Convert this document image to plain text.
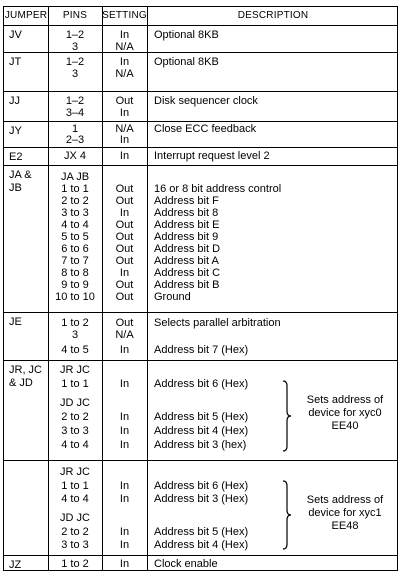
JUMPER	PINS	SETTING	DESCRIPTION
JV	1–2	In	Optional 8KB
3	N/A
JT	1–2	In	Optional 8KB
3	N/A
JJ	1–2	Out	Disk sequencer clock
3–4	In
JY	1	N/A	Close ECC feedback
2–3	In
E2	JX 4	In	Interrupt request level 2
JA &
JB
JA JB
1 to 1	Out	16 or 8 bit address control
2 to 2	Out	Address bit F
3 to 3	In	Address bit 8
4 to 4	Out	Address bit E
5 to 5	Out	Address bit 9
6 to 6	Out	Address bit D
7 to 7	Out	Address bit A
8 to 8	In	Address bit C
9 to 9	Out	Address bit B
10 to 10	Out	Ground
JE	1 to 2	Out	Selects parallel arbitration
3	N/A
4 to 5	In	Address bit 7 (Hex)
JR, JC
& JD
JR JC
1 to 1	In	Address bit 6 (Hex)
JD JC
2 to 2	In	Address bit 5 (Hex)
3 to 3	In	Address bit 4 (Hex)
4 to 4	In	Address bit 3 (hex)
Sets address of
device for xyc0
EE40
JR JC
1 to 1	In	Address bit 6 (Hex)
4 to 4	In	Address bit 3 (Hex)
JD JC
2 to 2	In	Address bit 5 (Hex)
3 to 3	In	Address bit 4 (Hex)
Sets address of
device for xyc1
EE48
JZ	1 to 2	In	Clock enable
